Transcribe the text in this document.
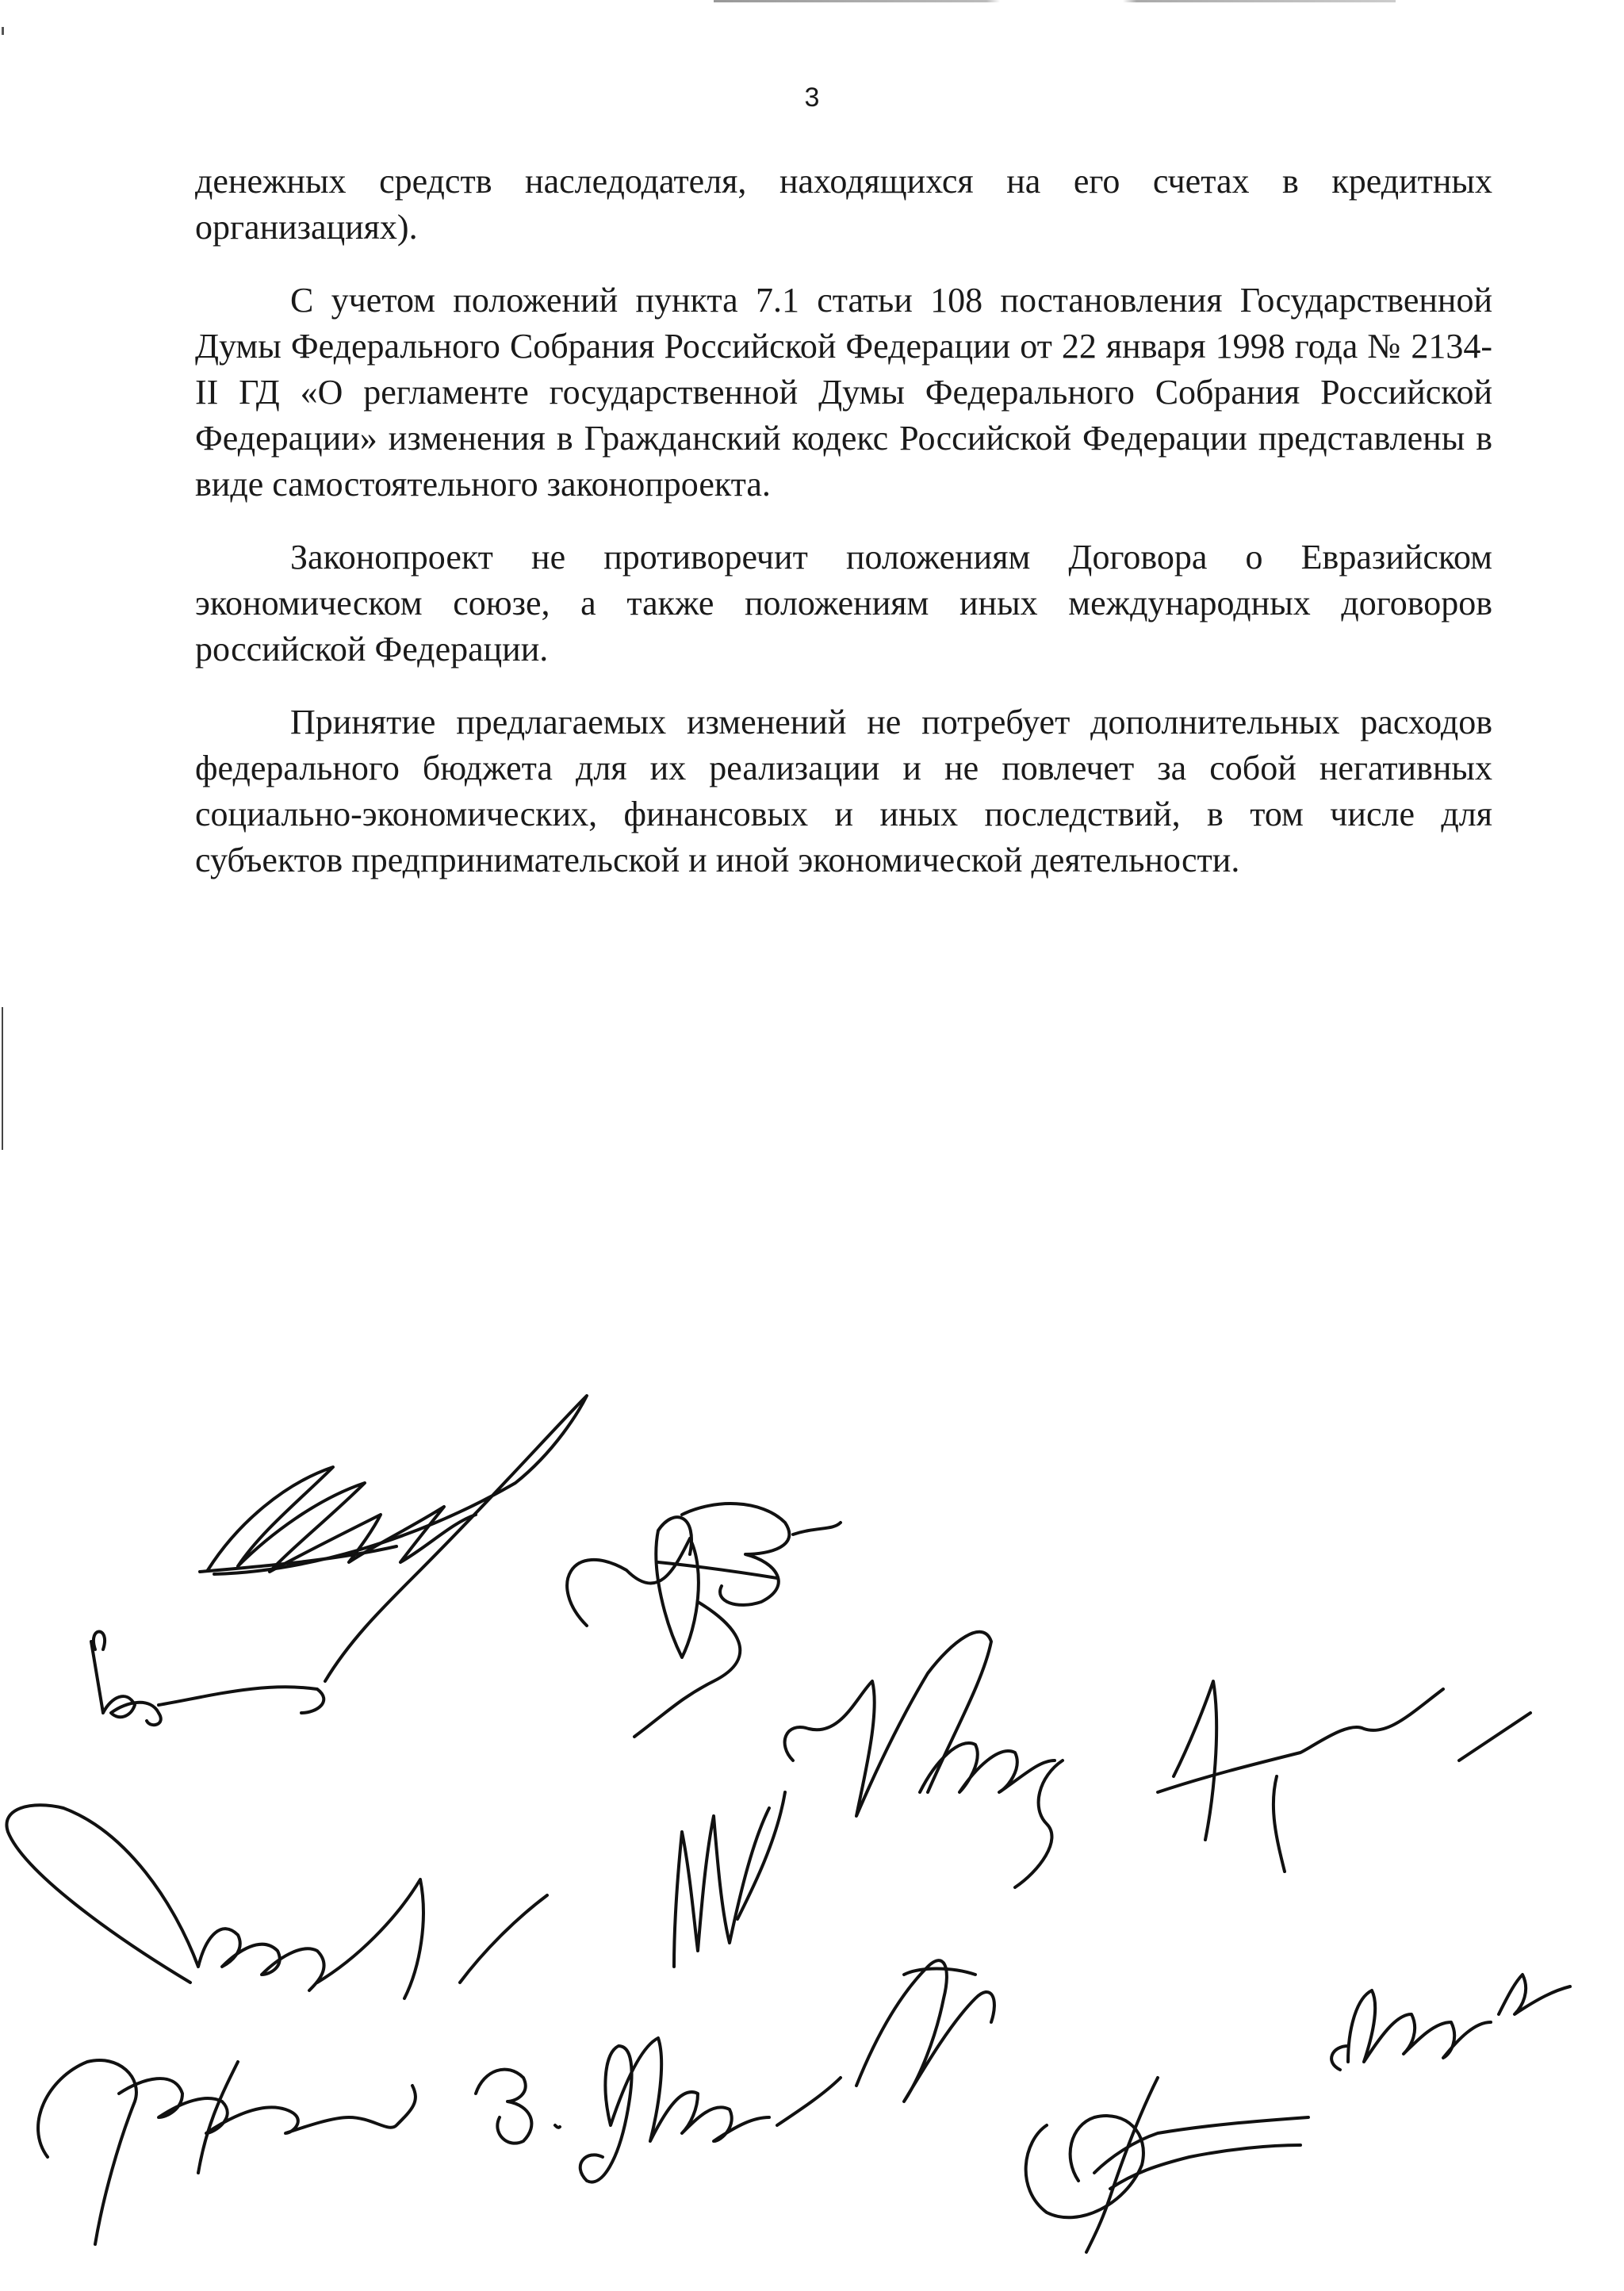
3

денежных средств наследодателя, находящихся на его счетах в кредитных организациях).

С учетом положений пункта 7.1 статьи 108 постановления Государственной Думы Федерального Собрания Российской Федерации от 22 января 1998 года № 2134-II ГД «О регламенте государственной Думы Федерального Собрания Российской Федерации» изменения в Гражданский кодекс Российской Федерации представлены в виде самостоятельного законопроекта.

Законопроект не противоречит положениям Договора о Евразийском экономическом союзе, а также положениям иных международных договоров российской Федерации.

Принятие предлагаемых изменений не потребует дополнительных расходов федерального бюджета для их реализации и не повлечет за собой негативных социально-экономических, финансовых и иных последствий, в том числе для субъектов предпринимательской и иной экономической деятельности.
